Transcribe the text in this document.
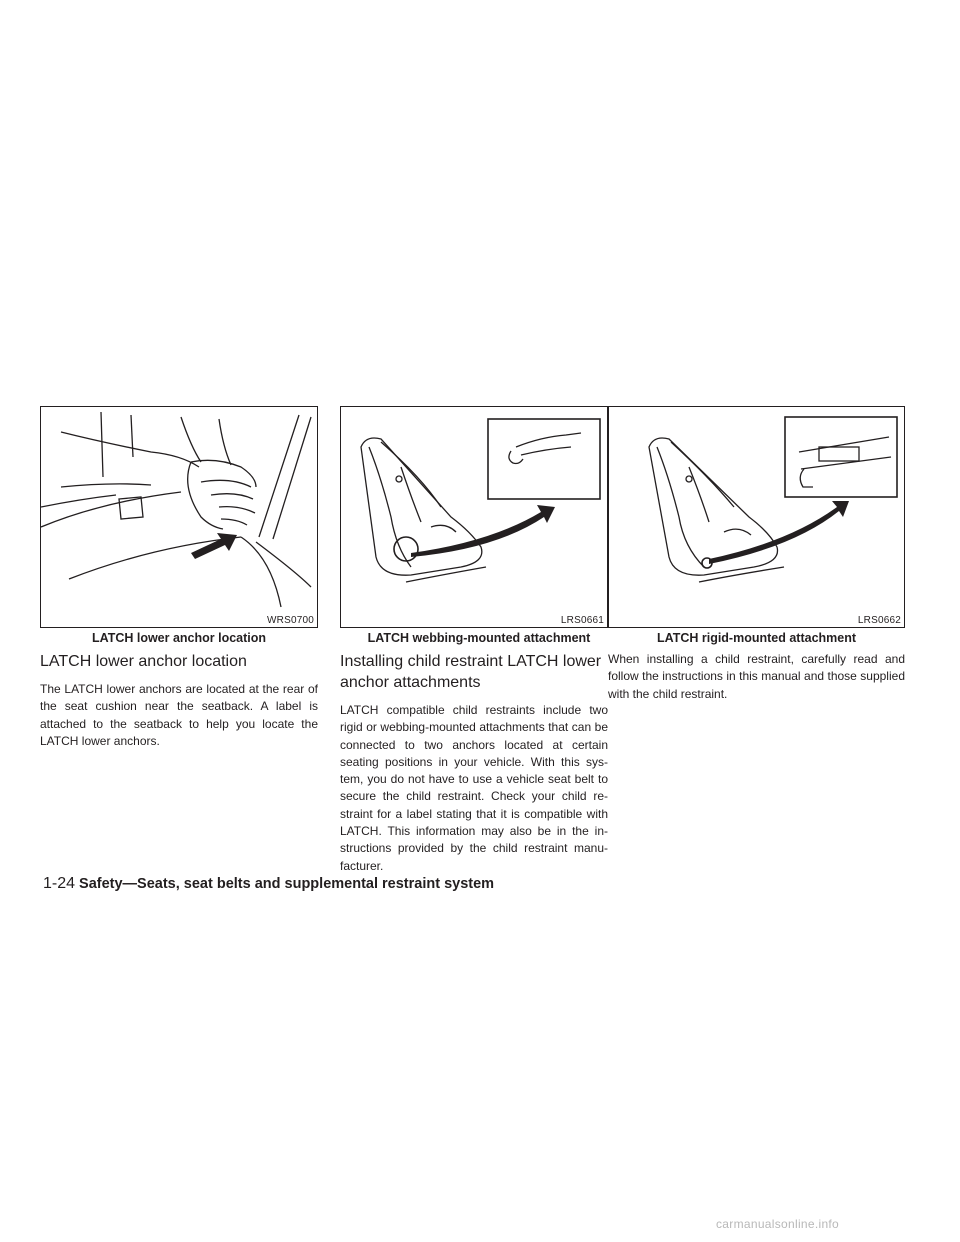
WRS0700
LATCH lower anchor location
LATCH lower anchor location

The LATCH lower anchors are located at the rear of the seat cushion near the seatback. A label is attached to the seatback to help you locate the LATCH lower anchors.

LRS0661
LATCH webbing-mounted attachment
Installing child restraint LATCH lower anchor attachments

LATCH compatible child restraints include two rigid or webbing-mounted attachments that can be connected to two anchors located at certain seating positions in your vehicle. With this sys-tem, you do not have to use a vehicle seat belt to secure the child restraint. Check your child re-straint for a label stating that it is compatible with LATCH. This information may also be in the in-structions provided by the child restraint manu-facturer.

LRS0662
LATCH rigid-mounted attachment

When installing a child restraint, carefully read and follow the instructions in this manual and those supplied with the child restraint.

1-24 Safety—Seats, seat belts and supplemental restraint system
carmanualsonline.info
